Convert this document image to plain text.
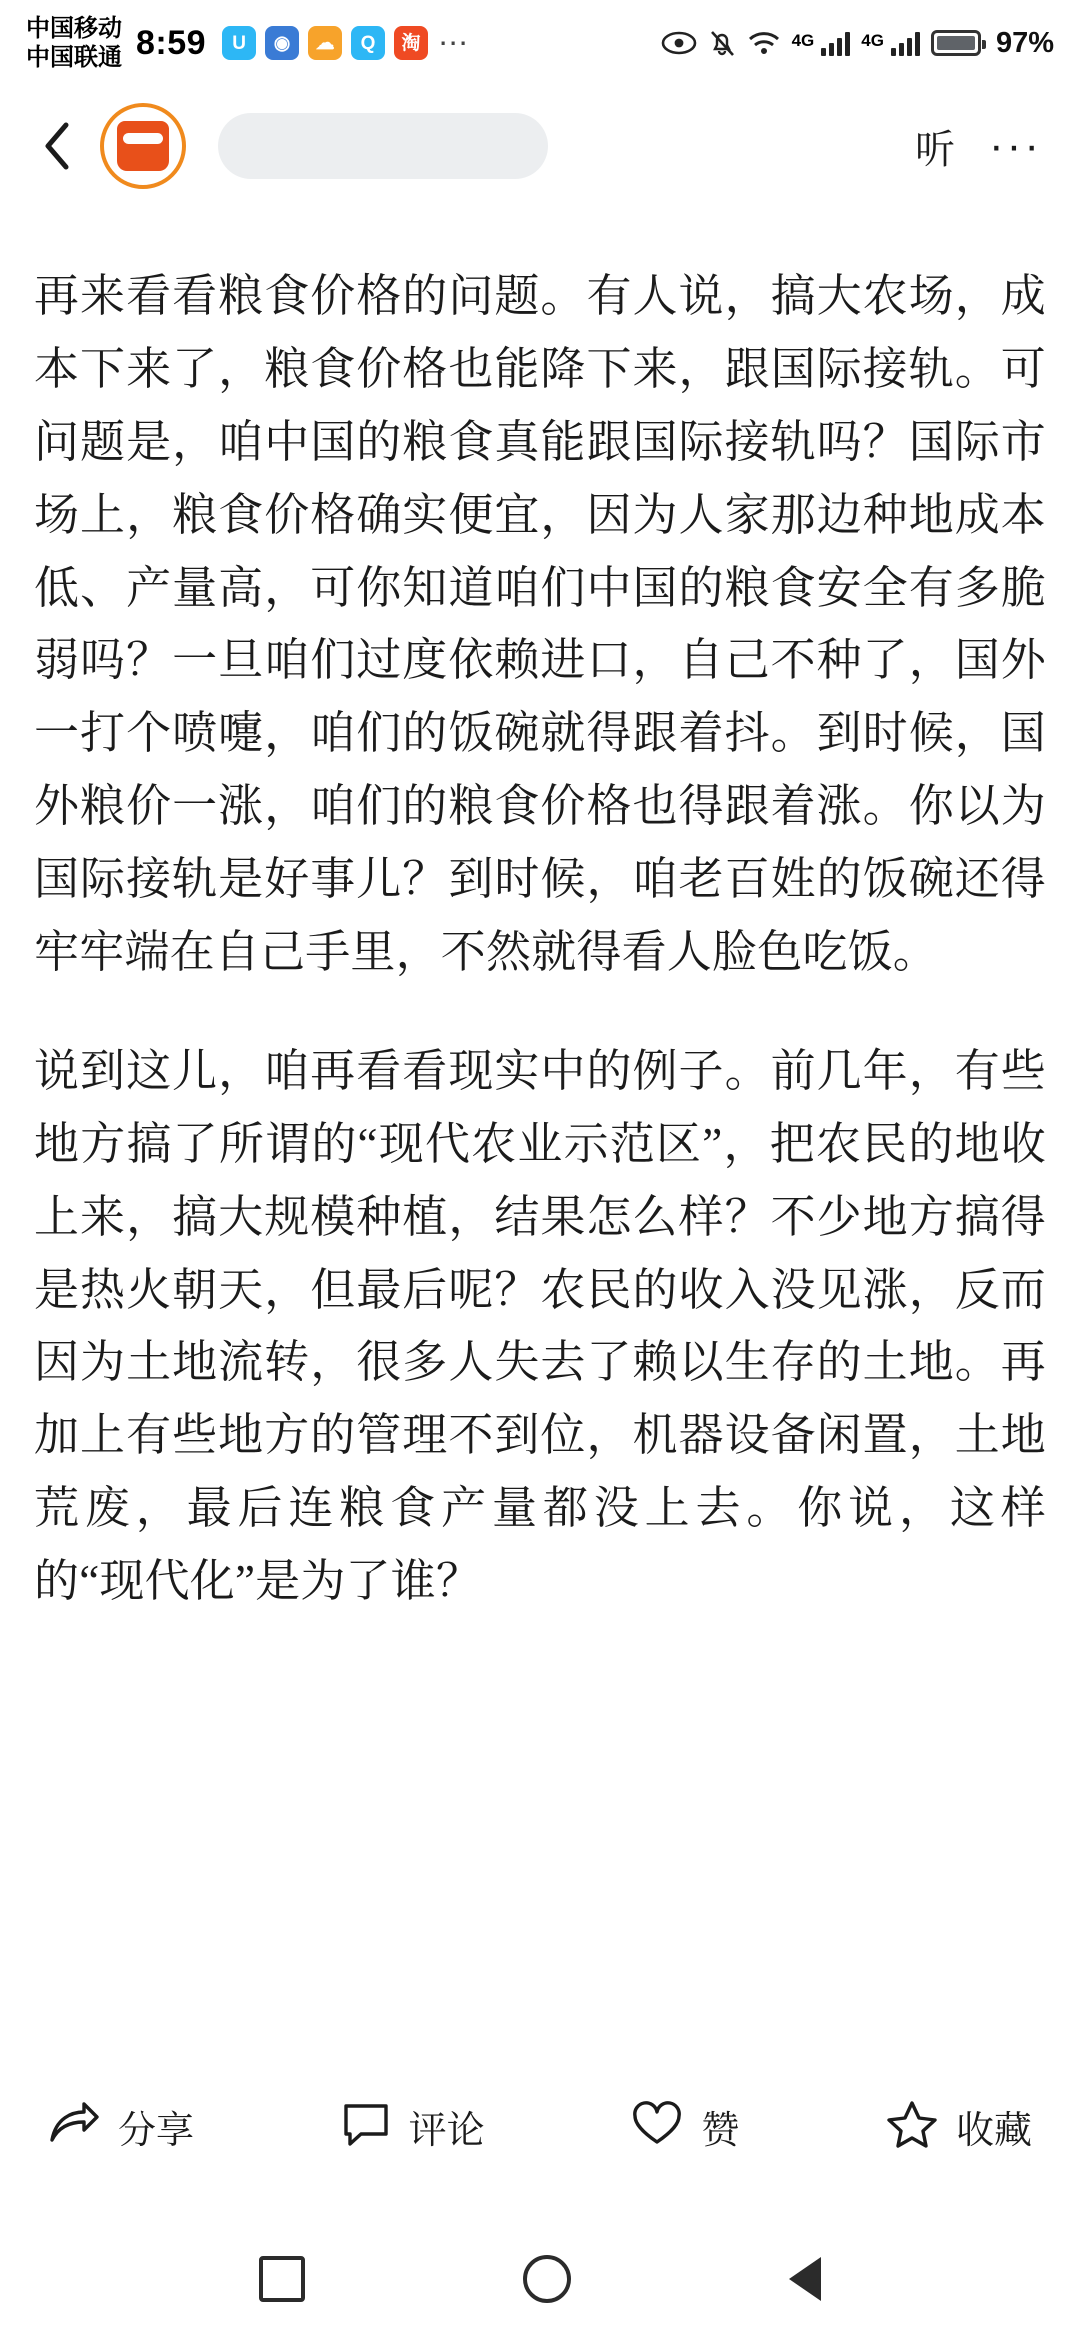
中国移动
中国联通 8:59	U	◉	☁	Q	淘 ⋯	4G	4G	97%
听 ···

再来看看粮食价格的问题。有人说，搞大农场，成本下来了，粮食价格也能降下来，跟国际接轨。可问题是，咱中国的粮食真能跟国际接轨吗？国际市场上，粮食价格确实便宜，因为人家那边种地成本低、产量高，可你知道咱们中国的粮食安全有多脆弱吗？一旦咱们过度依赖进口，自己不种了，国外一打个喷嚏，咱们的饭碗就得跟着抖。到时候，国外粮价一涨，咱们的粮食价格也得跟着涨。你以为国际接轨是好事儿？到时候，咱老百姓的饭碗还得牢牢端在自己手里，不然就得看人脸色吃饭。

说到这儿，咱再看看现实中的例子。前几年，有些地方搞了所谓的“现代农业示范区”，把农民的地收上来，搞大规模种植，结果怎么样？不少地方搞得是热火朝天，但最后呢？农民的收入没见涨，反而因为土地流转，很多人失去了赖以生存的土地。再加上有些地方的管理不到位，机器设备闲置，土地荒废，最后连粮食产量都没上去。你说，这样的“现代化”是为了谁？

分享	评论	赞	收藏
